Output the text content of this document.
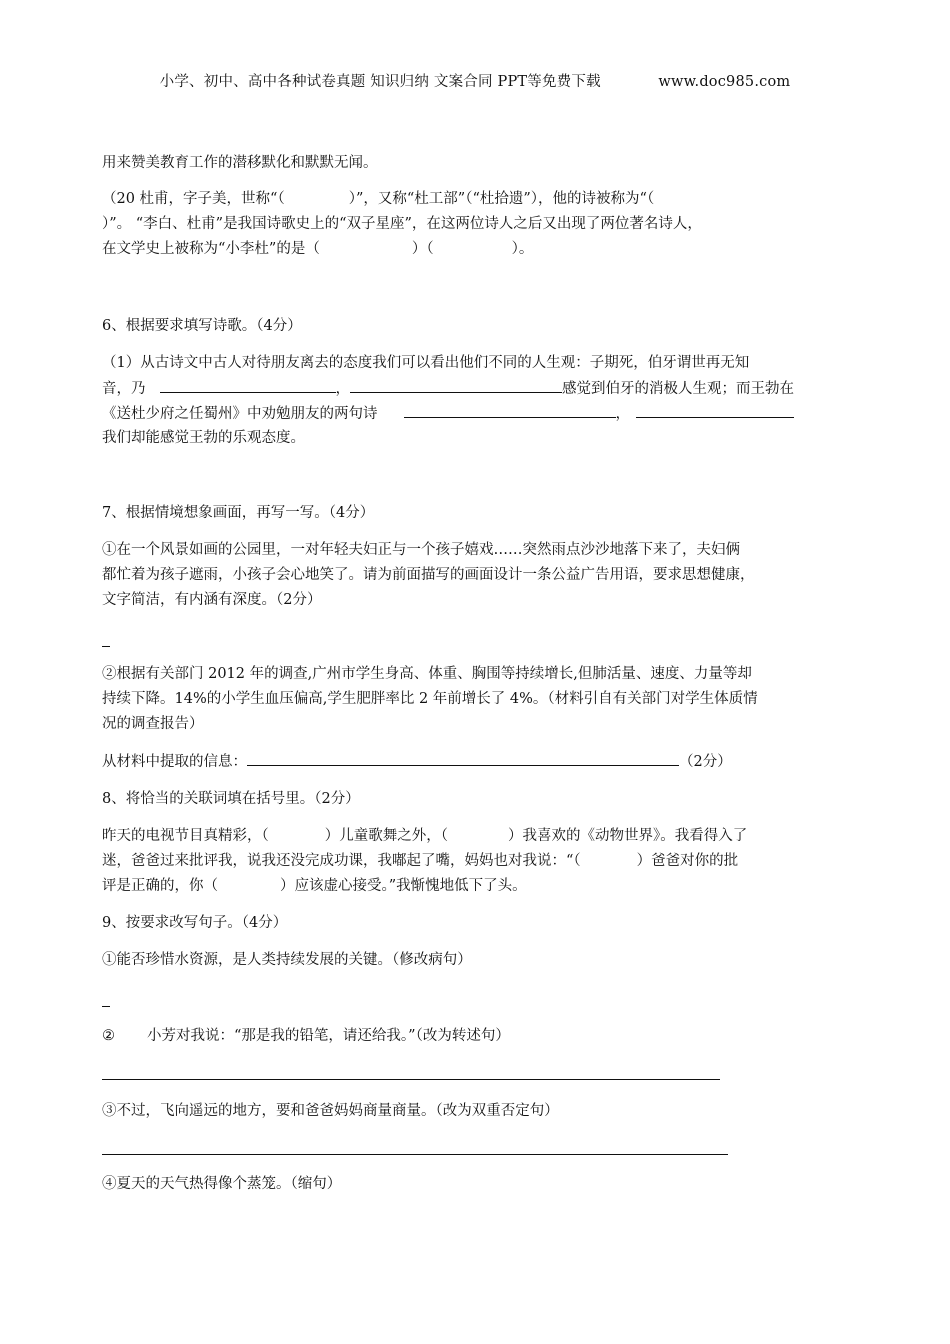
小学、初中、高中各种试卷真题 知识归纳 文案合同 PPT等免费下载	www.doc985.com
用来赞美教育工作的潜移默化和默默无闻。
（20 杜甫，字子美，世称“（	）”，又称“杜工部”（“杜拾遗”），他的诗被称为“（
）”。 “李白、杜甫”是我国诗歌史上的“双子星座”，在这两位诗人之后又出现了两位著名诗人，
在文学史上被称为“小李杜”的是（	）（	）。
6、根据要求填写诗歌。（4分）
（1）从古诗文中古人对待朋友离去的态度我们可以看出他们不同的人生观：子期死，伯牙谓世再无知
音，乃	，	感觉到伯牙的消极人生观；而王勃在
《送杜少府之任蜀州》中劝勉朋友的两句诗	，
我们却能感觉王勃的乐观态度。
7、根据情境想象画面，再写一写。（4分）
①在一个风景如画的公园里，一对年轻夫妇正与一个孩子嬉戏……突然雨点沙沙地落下来了，夫妇俩
都忙着为孩子遮雨，小孩子会心地笑了。请为前面描写的画面设计一条公益广告用语，要求思想健康，
文字简洁，有内涵有深度。（2分）
②根据有关部门 2012 年的调查,广州市学生身高、体重、胸围等持续增长,但肺活量、速度、力量等却
持续下降。14%的小学生血压偏高,学生肥胖率比 2 年前增长了 4%。（材料引自有关部门对学生体质情
况的调查报告）
从材料中提取的信息：	（2分）
8、将恰当的关联词填在括号里。（2分）
昨天的电视节目真精彩，（	）儿童歌舞之外，（	）我喜欢的《动物世界》。我看得入了
迷，爸爸过来批评我，说我还没完成功课，我嘟起了嘴，妈妈也对我说：“（	）爸爸对你的批
评是正确的，你（	）应该虚心接受。”我惭愧地低下了头。
9、按要求改写句子。（4分）
①能否珍惜水资源，是人类持续发展的关键。（修改病句）
② 小芳对我说：“那是我的铅笔，请还给我。”（改为转述句）
③不过，飞向遥远的地方，要和爸爸妈妈商量商量。（改为双重否定句）
④夏天的天气热得像个蒸笼。（缩句）
